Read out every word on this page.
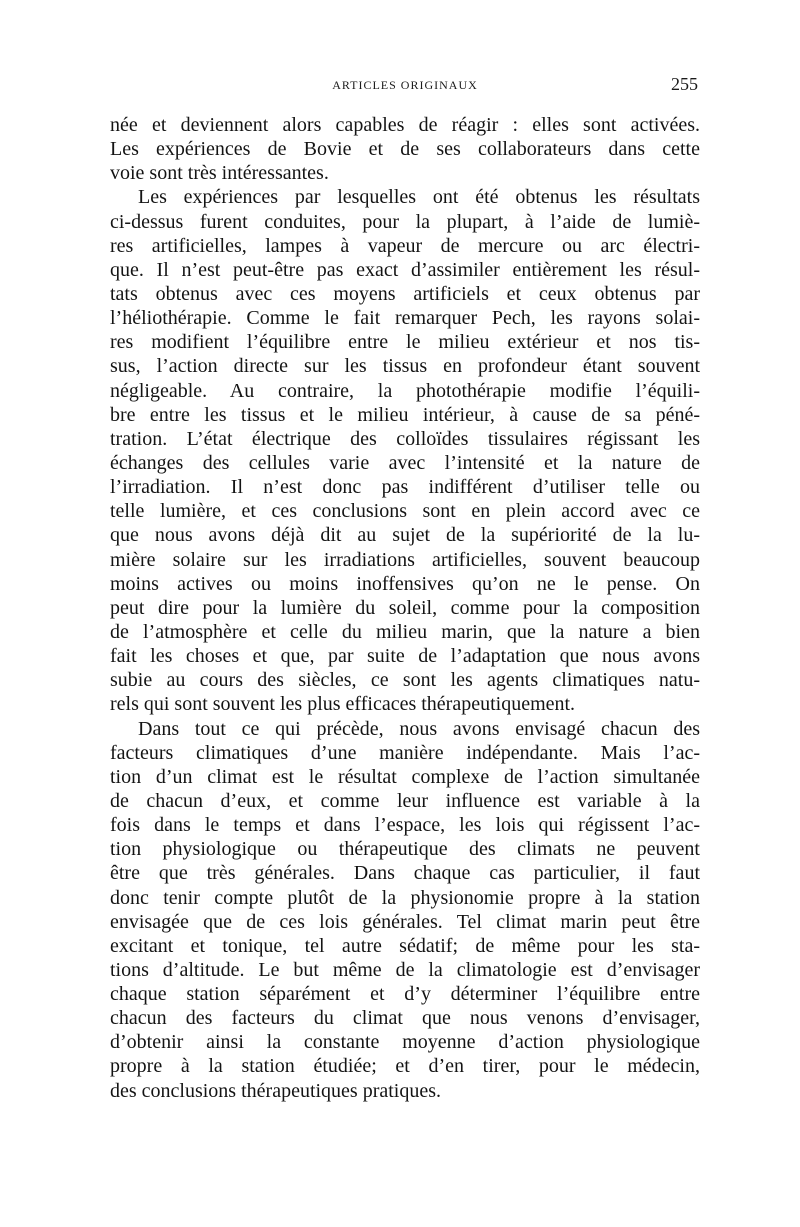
ARTICLES ORIGINAUX	255
née et deviennent alors capables de réagir : elles sont activées.
Les expériences de Bovie et de ses collaborateurs dans cette
voie sont très intéressantes.
Les expériences par lesquelles ont été obtenus les résultats
ci-dessus furent conduites, pour la plupart, à l’aide de lumiè-
res artificielles, lampes à vapeur de mercure ou arc électri-
que. Il n’est peut-être pas exact d’assimiler entièrement les résul-
tats obtenus avec ces moyens artificiels et ceux obtenus par
l’héliothérapie. Comme le fait remarquer Pech, les rayons solai-
res modifient l’équilibre entre le milieu extérieur et nos tis-
sus, l’action directe sur les tissus en profondeur étant souvent
négligeable. Au contraire, la photothérapie modifie l’équili-
bre entre les tissus et le milieu intérieur, à cause de sa péné-
tration. L’état électrique des colloïdes tissulaires régissant les
échanges des cellules varie avec l’intensité et la nature de
l’irradiation. Il n’est donc pas indifférent d’utiliser telle ou
telle lumière, et ces conclusions sont en plein accord avec ce
que nous avons déjà dit au sujet de la supériorité de la lu-
mière solaire sur les irradiations artificielles, souvent beaucoup
moins actives ou moins inoffensives qu’on ne le pense. On
peut dire pour la lumière du soleil, comme pour la composition
de l’atmosphère et celle du milieu marin, que la nature a bien
fait les choses et que, par suite de l’adaptation que nous avons
subie au cours des siècles, ce sont les agents climatiques natu-
rels qui sont souvent les plus efficaces thérapeutiquement.
Dans tout ce qui précède, nous avons envisagé chacun des
facteurs climatiques d’une manière indépendante. Mais l’ac-
tion d’un climat est le résultat complexe de l’action simultanée
de chacun d’eux, et comme leur influence est variable à la
fois dans le temps et dans l’espace, les lois qui régissent l’ac-
tion physiologique ou thérapeutique des climats ne peuvent
être que très générales. Dans chaque cas particulier, il faut
donc tenir compte plutôt de la physionomie propre à la station
envisagée que de ces lois générales. Tel climat marin peut être
excitant et tonique, tel autre sédatif; de même pour les sta-
tions d’altitude. Le but même de la climatologie est d’envisager
chaque station séparément et d’y déterminer l’équilibre entre
chacun des facteurs du climat que nous venons d’envisager,
d’obtenir ainsi la constante moyenne d’action physiologique
propre à la station étudiée; et d’en tirer, pour le médecin,
des conclusions thérapeutiques pratiques.
